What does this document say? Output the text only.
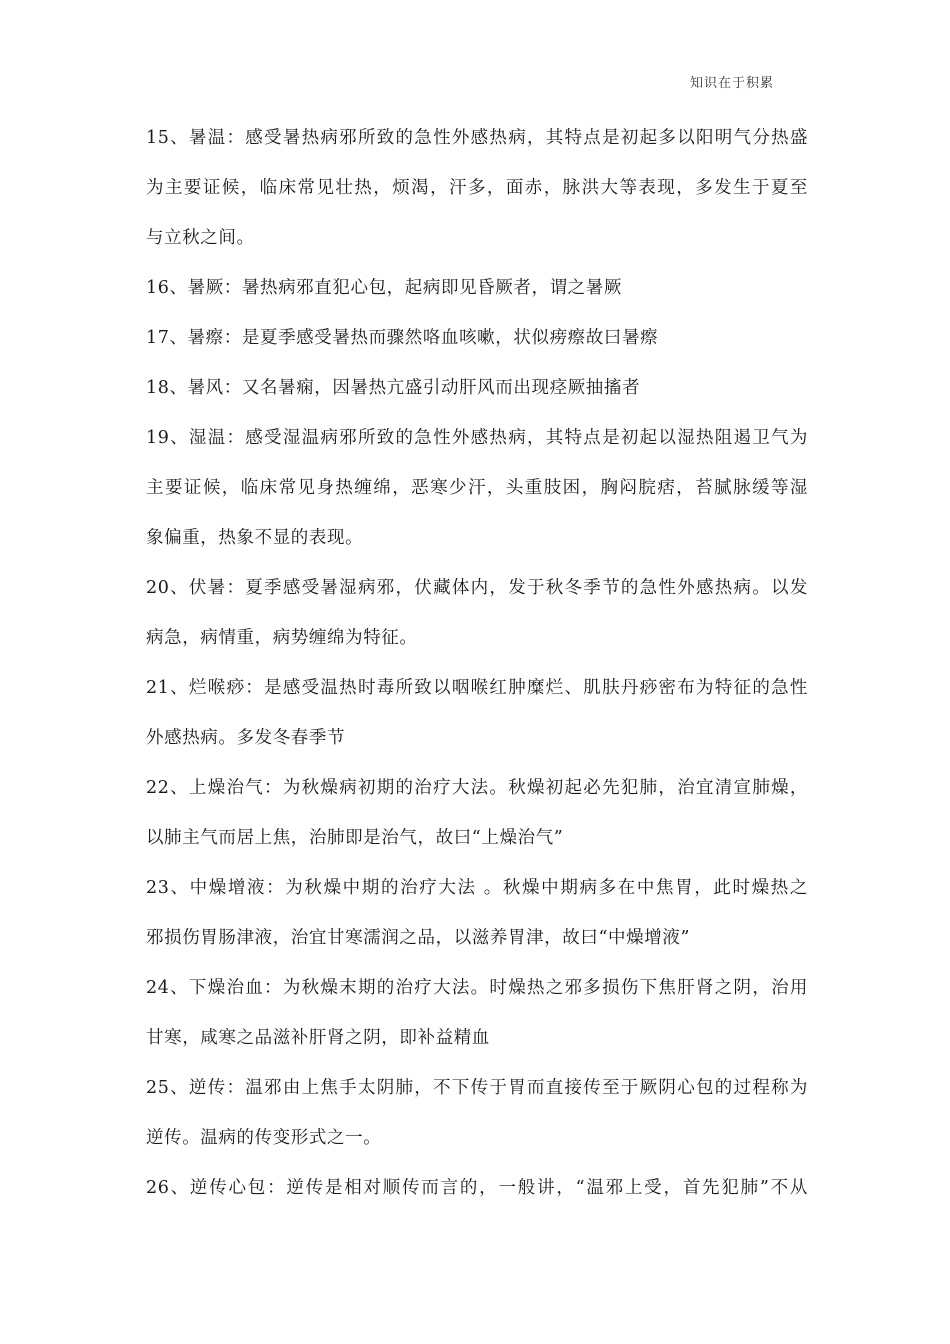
知识在于积累
15、暑温：感受暑热病邪所致的急性外感热病，其特点是初起多以阳明气分热盛
为主要证候，临床常见壮热，烦渴，汗多，面赤，脉洪大等表现，多发生于夏至
与立秋之间。
16、暑厥：暑热病邪直犯心包，起病即见昏厥者，谓之暑厥
17、暑瘵：是夏季感受暑热而骤然咯血咳嗽，状似痨瘵故曰暑瘵
18、暑风：又名暑痫，因暑热亢盛引动肝风而出现痉厥抽搐者
19、湿温：感受湿温病邪所致的急性外感热病，其特点是初起以湿热阻遏卫气为
主要证候，临床常见身热缠绵，恶寒少汗，头重肢困，胸闷脘痞，苔腻脉缓等湿
象偏重，热象不显的表现。
20、伏暑：夏季感受暑湿病邪，伏藏体内，发于秋冬季节的急性外感热病。以发
病急，病情重，病势缠绵为特征。
21、烂喉痧：是感受温热时毒所致以咽喉红肿糜烂、肌肤丹痧密布为特征的急性
外感热病。多发冬春季节
22、上燥治气：为秋燥病初期的治疗大法。秋燥初起必先犯肺，治宜清宣肺燥，
以肺主气而居上焦，治肺即是治气，故曰“上燥治气”
23、中燥增液：为秋燥中期的治疗大法 。秋燥中期病多在中焦胃，此时燥热之
邪损伤胃肠津液，治宜甘寒濡润之品，以滋养胃津，故曰“中燥增液”
24、下燥治血：为秋燥末期的治疗大法。时燥热之邪多损伤下焦肝肾之阴，治用
甘寒，咸寒之品滋补肝肾之阴，即补益精血
25、逆传：温邪由上焦手太阴肺，不下传于胃而直接传至于厥阴心包的过程称为
逆传。温病的传变形式之一。
26、逆传心包：逆传是相对顺传而言的，一般讲，“温邪上受，首先犯肺”不从
